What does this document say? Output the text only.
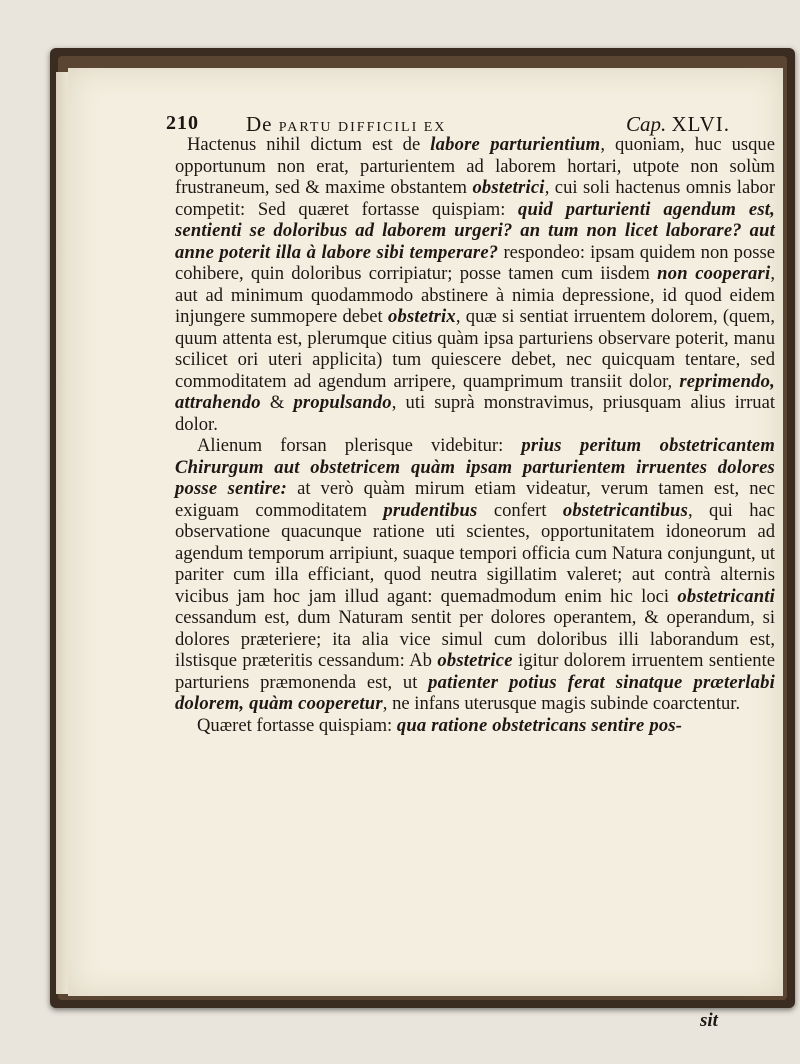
210 De PARTU DIFFICILI EX	Cap. XLVI.

Hactenus nihil dictum est de labore parturientium, quoniam, huc usque opportunum non erat, parturientem ad laborem hortari, utpote non solùm frustraneum, sed & maxime obstantem obstetrici, cui soli hactenus omnis labor competit: Sed quæret fortasse quispiam: quid parturienti agendum est, sentienti se doloribus ad laborem urgeri? an tum non licet laborare? aut anne poterit illa à labore sibi temperare? respondeo: ipsam quidem non posse cohibere, quin doloribus corripiatur; posse tamen cum iisdem non cooperari, aut ad minimum quodammodo abstinere à nimia depressione, id quod eidem injungere summopere debet obstetrix, quæ si sentiat irruentem dolorem, (quem, quum attenta est, plerumque citius quàm ipsa parturiens observare poterit, manu scilicet ori uteri applicita) tum quiescere debet, nec quicquam tentare, sed commoditatem ad agendum arripere, quamprimum transiit dolor, reprimendo, attrahendo & propulsando, uti suprà monstravimus, priusquam alius irruat dolor.

Alienum forsan plerisque videbitur: prius peritum obstetricantem Chirurgum aut obstetricem quàm ipsam parturientem irruentes dolores posse sentire: at verò quàm mirum etiam videatur, verum tamen est, nec exiguam commoditatem prudentibus confert obstetricantibus, qui hac observatione quacunque ratione uti scientes, opportunitatem idoneorum ad agendum temporum arripiunt, suaque tempori officia cum Natura conjungunt, ut pariter cum illa efficiant, quod neutra sigillatim valeret; aut contrà alternis vicibus jam hoc jam illud agant: quemadmodum enim hic loci obstetricanti cessandum est, dum Naturam sentit per dolores operantem, & operandum, si dolores præterierе; ita alia vice simul cum doloribus illi laborandum est, ilstisque præteritis cessandum: Ab obstetrice igitur dolorem irruentem sentiente parturiens præmonenda est, ut patienter potius ferat sinatque præterlabi dolorem, quàm cooperetur, ne infans uterusque magis subinde coarctentur.

Quæret fortasse quispiam: qua ratione obstetricans sentire pos-

sit
